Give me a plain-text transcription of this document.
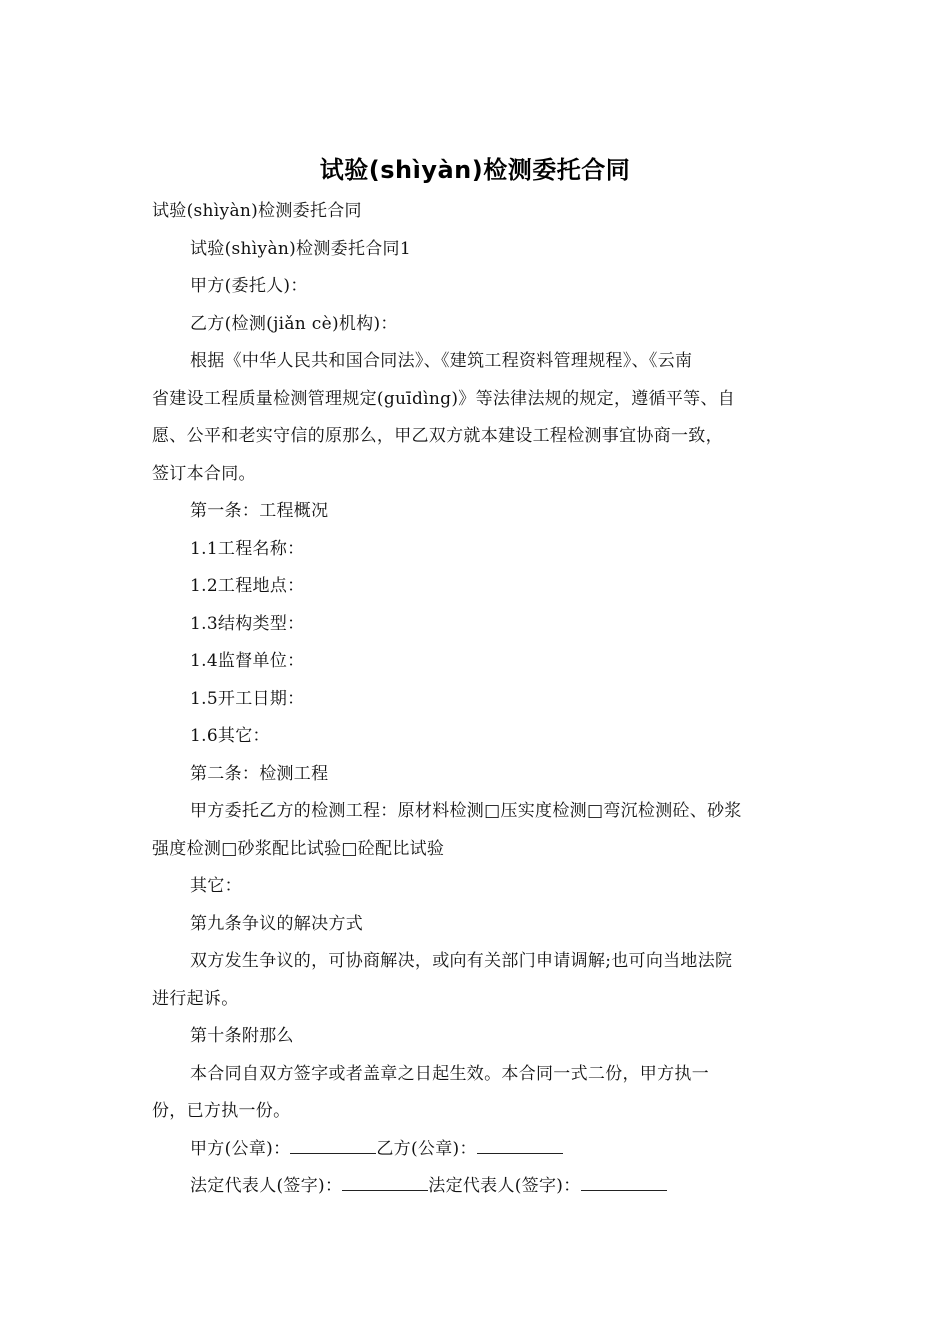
试验(shìyàn)检测委托合同
试验(shìyàn)检测委托合同
试验(shìyàn)检测委托合同1
甲方(委托人)：
乙方(检测(jiǎn cè)机构)：
根据《中华人民共和国合同法》、《建筑工程资料管理规程》、《云南
省建设工程质量检测管理规定(guīdìng)》等法律法规的规定，遵循平等、自
愿、公平和老实守信的原那么，甲乙双方就本建设工程检测事宜协商一致，
签订本合同。
第一条：工程概况
1.1工程名称：
1.2工程地点：
1.3结构类型：
1.4监督单位：
1.5开工日期：
1.6其它：
第二条：检测工程
甲方委托乙方的检测工程：原材料检测□压实度检测□弯沉检测砼、砂浆
强度检测□砂浆配比试验□砼配比试验
其它：
第九条争议的解决方式
双方发生争议的，可协商解决，或向有关部门申请调解;也可向当地法院
进行起诉。
第十条附那么
本合同自双方签字或者盖章之日起生效。本合同一式二份，甲方执一
份，已方执一份。
甲方(公章)：	乙方(公章)：
法定代表人(签字)：	法定代表人(签字)：
